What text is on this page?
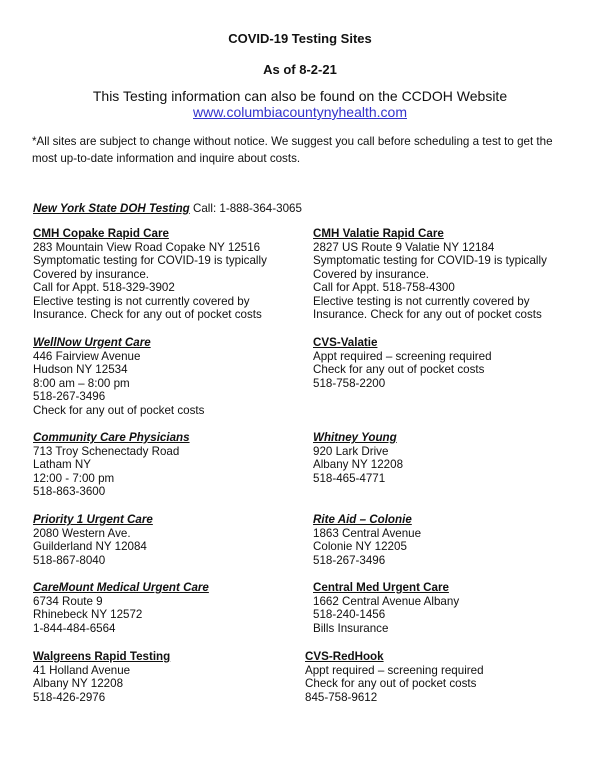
COVID-19 Testing Sites
As of 8-2-21
This Testing information can also be found on the CCDOH Website
www.columbiacountynyhealth.com
*All sites are subject to change without notice. We suggest you call before scheduling a test to get the most up-to-date information and inquire about costs.
New York State DOH Testing Call: 1-888-364-3065
CMH Copake Rapid Care
283 Mountain View Road Copake NY 12516
Symptomatic testing for COVID-19 is typically
Covered by insurance.
Call for Appt. 518-329-3902
Elective testing is not currently covered by
Insurance. Check for any out of pocket costs
CMH Valatie Rapid Care
2827 US Route 9 Valatie NY 12184
Symptomatic testing for COVID-19 is typically
Covered by insurance.
Call for Appt. 518-758-4300
Elective testing is not currently covered by
Insurance. Check for any out of pocket costs
WellNow Urgent Care
446 Fairview Avenue
Hudson NY 12534
8:00 am – 8:00 pm
518-267-3496
Check for any out of pocket costs
CVS-Valatie
Appt required – screening required
Check for any out of pocket costs
518-758-2200
Community Care Physicians
713 Troy Schenectady Road
Latham NY
12:00 - 7:00 pm
518-863-3600
Whitney Young
920 Lark Drive
Albany NY 12208
518-465-4771
Priority 1 Urgent Care
2080 Western Ave.
Guilderland NY 12084
518-867-8040
Rite Aid – Colonie
1863 Central Avenue
Colonie NY 12205
518-267-3496
CareMount Medical Urgent Care
6734 Route 9
Rhinebeck NY 12572
1-844-484-6564
Central Med Urgent Care
1662 Central Avenue Albany
518-240-1456
Bills Insurance
Walgreens Rapid Testing
41 Holland Avenue
Albany NY 12208
518-426-2976
CVS-RedHook
Appt required – screening required
Check for any out of pocket costs
845-758-9612
